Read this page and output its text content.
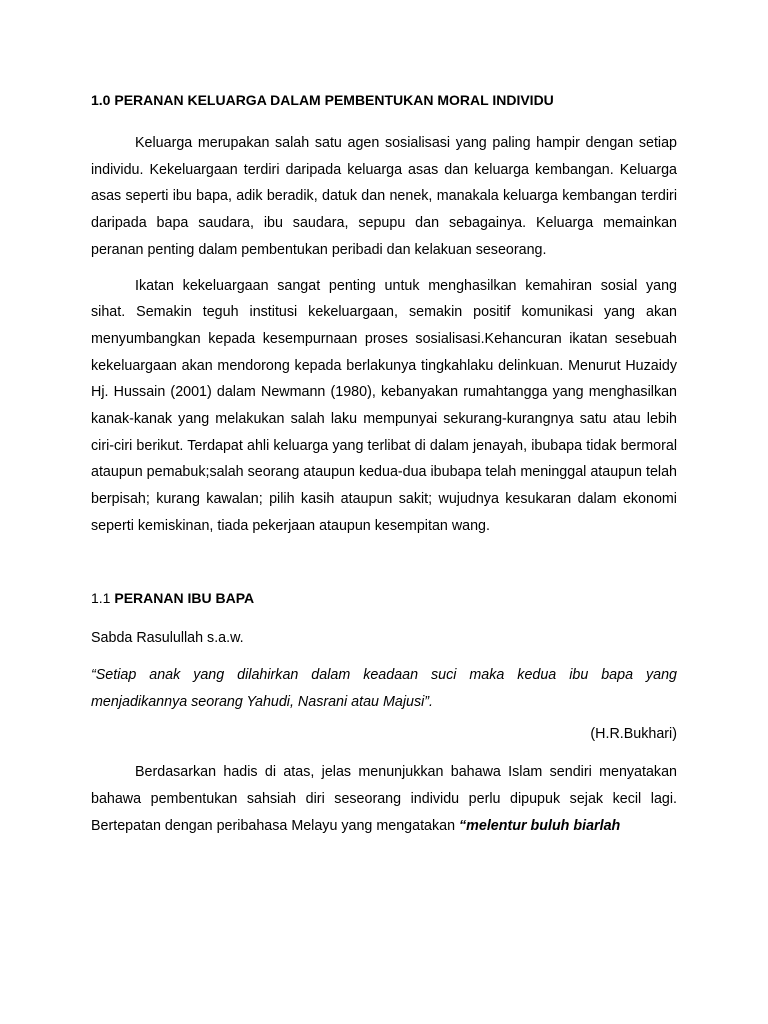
1.0 PERANAN KELUARGA DALAM PEMBENTUKAN MORAL INDIVIDU

Keluarga merupakan salah satu agen sosialisasi yang paling hampir dengan setiap individu. Kekeluargaan terdiri daripada keluarga asas dan keluarga kembangan. Keluarga asas seperti ibu bapa, adik beradik, datuk dan nenek, manakala keluarga kembangan terdiri daripada bapa saudara, ibu saudara, sepupu dan sebagainya. Keluarga memainkan peranan penting dalam pembentukan peribadi dan kelakuan seseorang.

Ikatan kekeluargaan sangat penting untuk menghasilkan kemahiran sosial yang sihat. Semakin teguh institusi kekeluargaan, semakin positif komunikasi yang akan menyumbangkan kepada kesempurnaan proses sosialisasi.Kehancuran ikatan sesebuah kekeluargaan akan mendorong kepada berlakunya tingkahlaku delinkuan. Menurut Huzaidy Hj. Hussain (2001) dalam Newmann (1980), kebanyakan rumahtangga yang menghasilkan kanak-kanak yang melakukan salah laku mempunyai sekurang-kurangnya satu atau lebih ciri-ciri berikut. Terdapat ahli keluarga yang terlibat di dalam jenayah, ibubapa tidak bermoral ataupun pemabuk;salah seorang ataupun kedua-dua ibubapa telah meninggal ataupun telah berpisah; kurang kawalan; pilih kasih ataupun sakit; wujudnya kesukaran dalam ekonomi seperti kemiskinan, tiada pekerjaan ataupun kesempitan wang.

1.1 PERANAN IBU BAPA

Sabda Rasulullah s.a.w.

“Setiap anak yang dilahirkan dalam keadaan suci maka kedua ibu bapa yang menjadikannya seorang Yahudi, Nasrani atau Majusi”.

(H.R.Bukhari)

Berdasarkan hadis di atas, jelas menunjukkan bahawa Islam sendiri menyatakan bahawa pembentukan sahsiah diri seseorang individu perlu dipupuk sejak kecil lagi. Bertepatan dengan peribahasa Melayu yang mengatakan “melentur buluh biarlah
